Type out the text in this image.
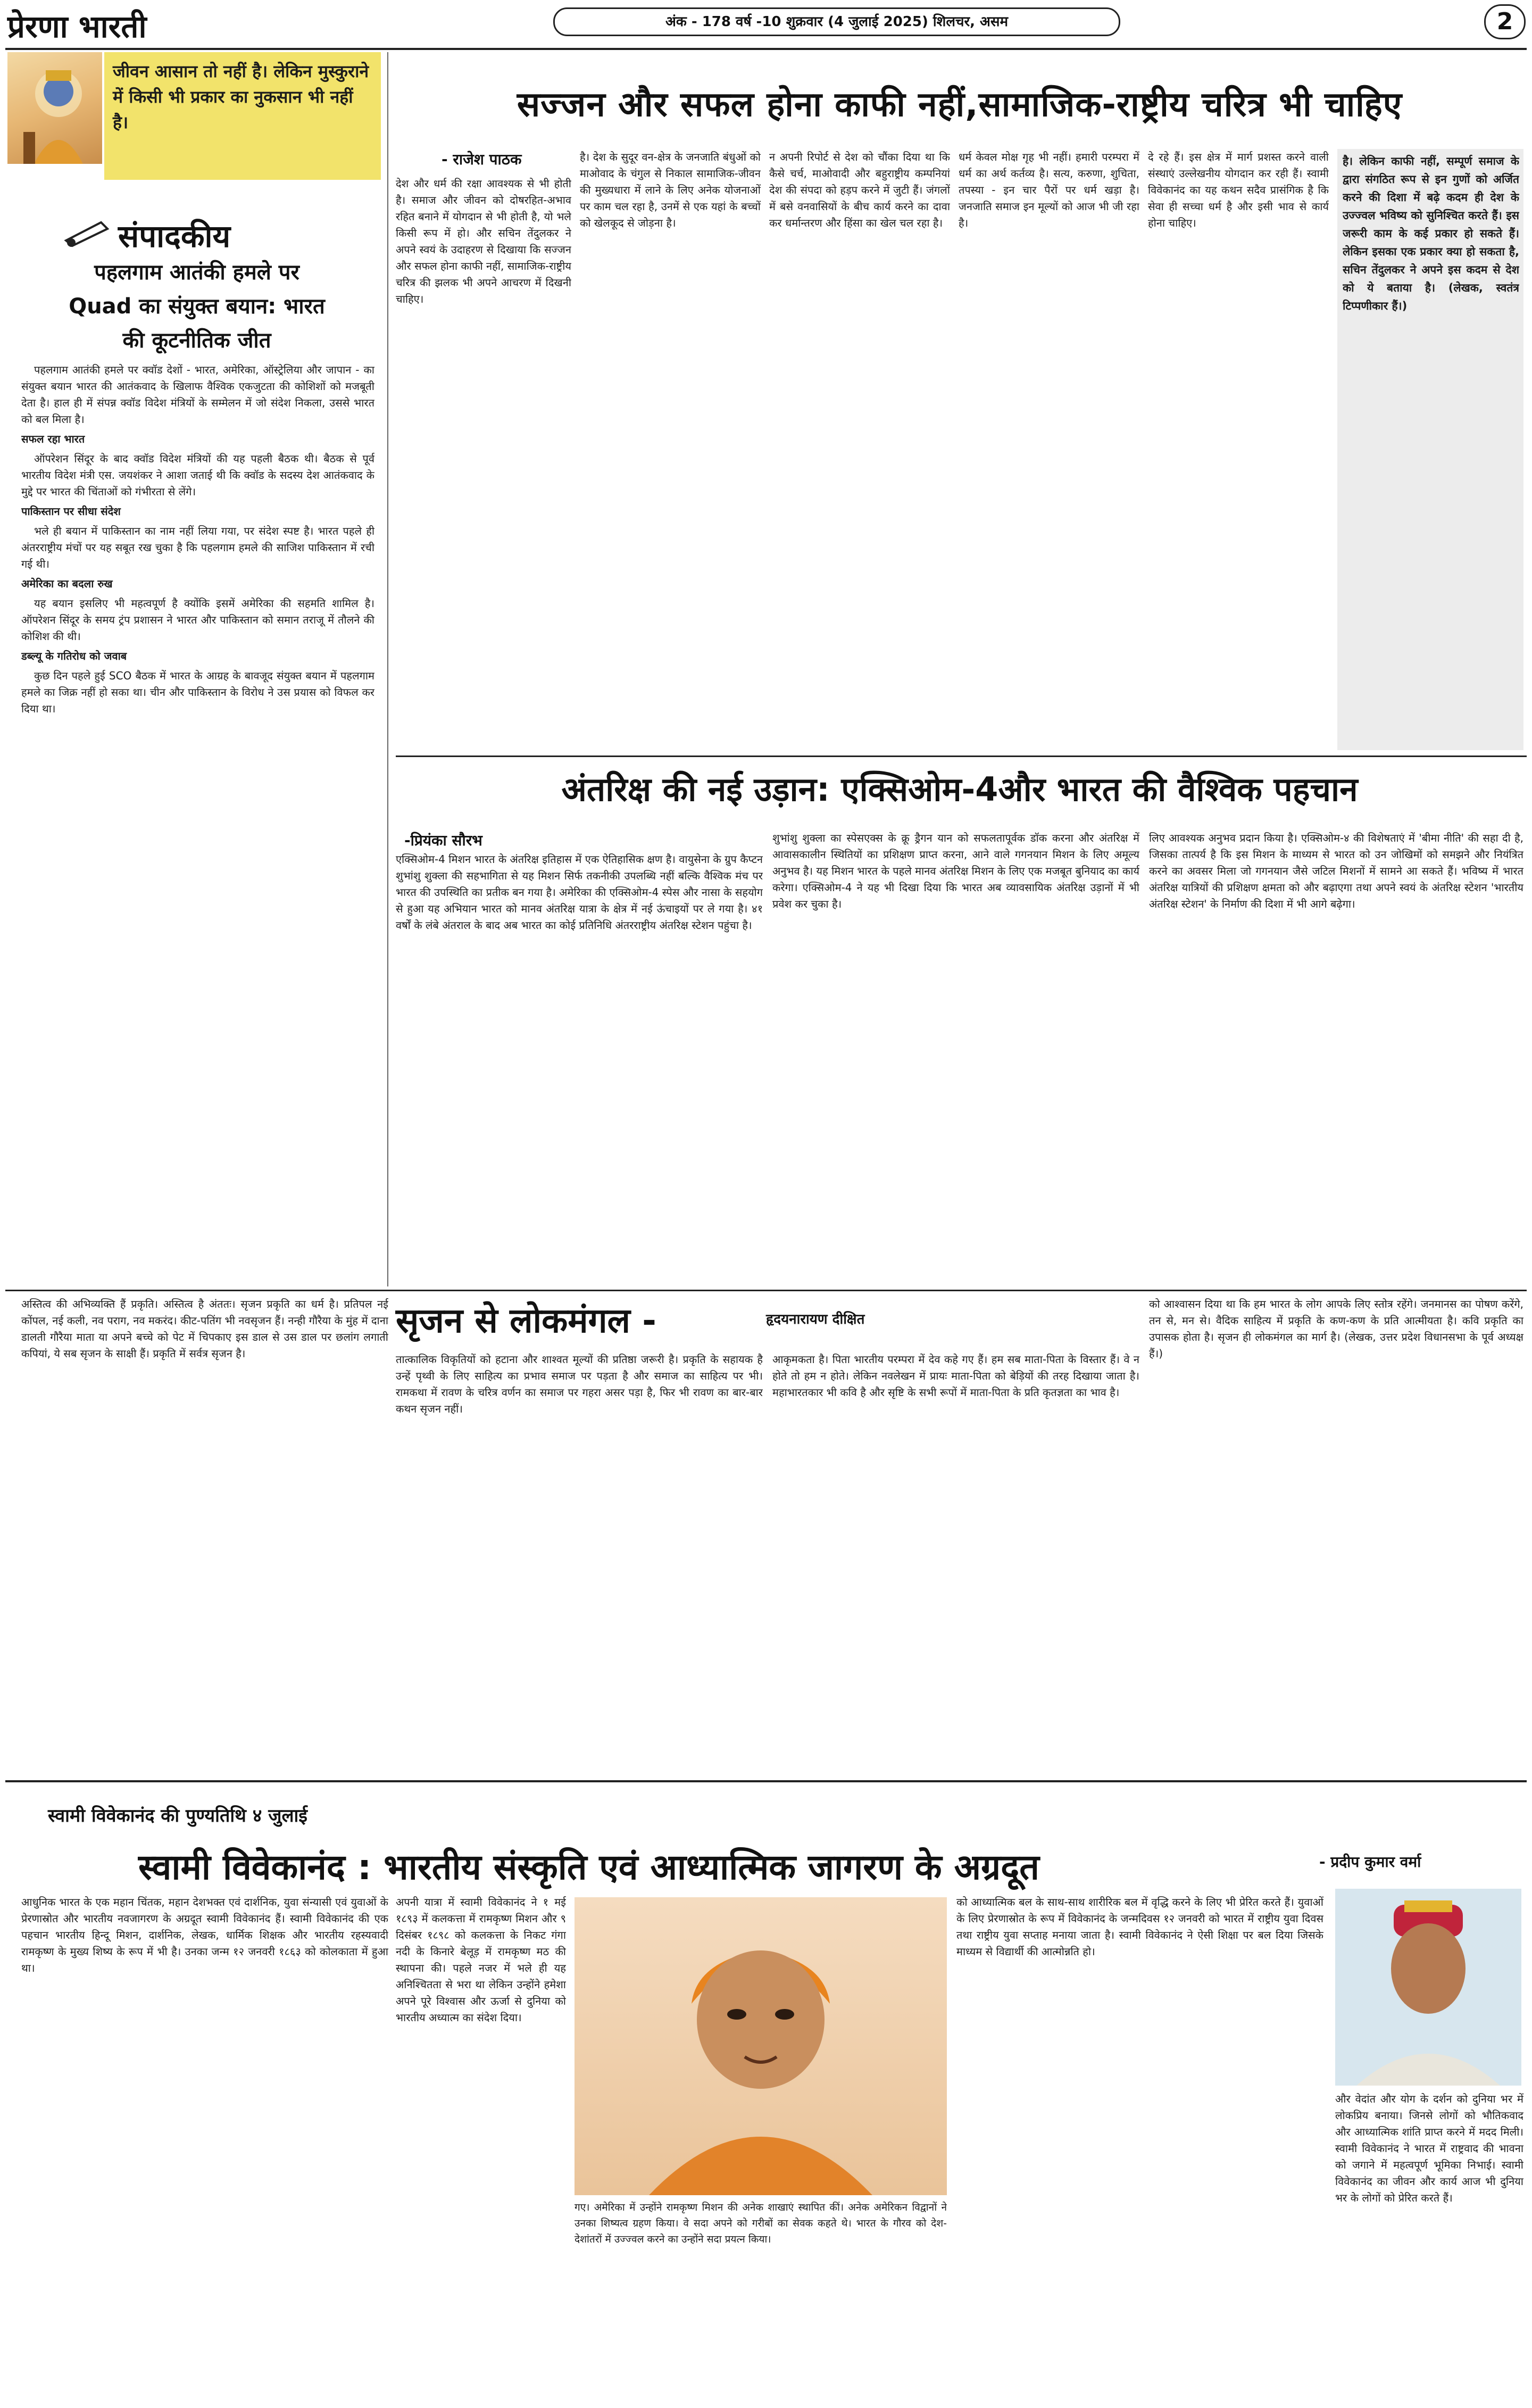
प्रेरणा भारती	अंक - 178 वर्ष -10 शुक्रवार (4 जुलाई 2025) शिलचर, असम	2
जीवन आसान तो नहीं है। लेकिन मुस्कुराने में किसी भी प्रकार का नुकसान भी नहीं है।
संपादकीय
पहलगाम आतंकी हमले पर
Quad का संयुक्त बयान: भारत
की कूटनीतिक जीत

पहलगाम आतंकी हमले पर क्वॉड देशों - भारत, अमेरिका, ऑस्ट्रेलिया और जापान - का संयुक्त बयान भारत की आतंकवाद के खिलाफ वैश्विक एकजुटता की कोशिशों को मजबूती देता है। हाल ही में संपन्न क्वॉड विदेश मंत्रियों के सम्मेलन में जो संदेश निकला, उससे भारत को बल मिला है।

सफल रहा भारत

ऑपरेशन सिंदूर के बाद क्वॉड विदेश मंत्रियों की यह पहली बैठक थी। बैठक से पूर्व भारतीय विदेश मंत्री एस. जयशंकर ने आशा जताई थी कि क्वॉड के सदस्य देश आतंकवाद के मुद्दे पर भारत की चिंताओं को गंभीरता से लेंगे।

पाकिस्तान पर सीधा संदेश

भले ही बयान में पाकिस्तान का नाम नहीं लिया गया, पर संदेश स्पष्ट है। भारत पहले ही अंतरराष्ट्रीय मंचों पर यह सबूत रख चुका है कि पहलगाम हमले की साजिश पाकिस्तान में रची गई थी।

अमेरिका का बदला रुख

यह बयान इसलिए भी महत्वपूर्ण है क्योंकि इसमें अमेरिका की सहमति शामिल है। ऑपरेशन सिंदूर के समय ट्रंप प्रशासन ने भारत और पाकिस्तान को समान तराजू में तौलने की कोशिश की थी।

डब्ल्यू के गतिरोध को जवाब

कुछ दिन पहले हुई SCO बैठक में भारत के आग्रह के बावजूद संयुक्त बयान में पहलगाम हमले का जिक्र नहीं हो सका था। चीन और पाकिस्तान के विरोध ने उस प्रयास को विफल कर दिया था।

सज्जन और सफल होना काफी नहीं,सामाजिक-राष्ट्रीय चरित्र भी चाहिए
- राजेश पाठक
देश और धर्म की रक्षा आवश्यक से भी होती है। समाज और जीवन को दोषरहित-अभाव रहित बनाने में योगदान से भी होती है, यो भले किसी रूप में हो। और सचिन तेंदुलकर ने अपने स्वयं के उदाहरण से दिखाया कि सज्जन और सफल होना काफी नहीं, सामाजिक-राष्ट्रीय चरित्र की झलक भी अपने आचरण में दिखनी चाहिए।
है। देश के सुदूर वन-क्षेत्र के जनजाति बंधुओं को माओवाद के चंगुल से निकाल सामाजिक-जीवन की मुख्यधारा में लाने के लिए अनेक योजनाओं पर काम चल रहा है, उनमें से एक यहां के बच्चों को खेलकूद से जोड़ना है।
न अपनी रिपोर्ट से देश को चौंका दिया था कि कैसे चर्च, माओवादी और बहुराष्ट्रीय कम्पनियां देश की संपदा को हड़प करने में जुटी हैं। जंगलों में बसे वनवासियों के बीच कार्य करने का दावा कर धर्मान्तरण और हिंसा का खेल चल रहा है।
धर्म केवल मोक्ष गृह भी नहीं। हमारी परम्परा में धर्म का अर्थ कर्तव्य है। सत्य, करुणा, शुचिता, तपस्या - इन चार पैरों पर धर्म खड़ा है। जनजाति समाज इन मूल्यों को आज भी जी रहा है।
दे रहे हैं। इस क्षेत्र में मार्ग प्रशस्त करने वाली संस्थाएं उल्लेखनीय योगदान कर रही हैं। स्वामी विवेकानंद का यह कथन सदैव प्रासंगिक है कि सेवा ही सच्चा धर्म है और इसी भाव से कार्य होना चाहिए।
है। लेकिन काफी नहीं, सम्पूर्ण समाज के द्वारा संगठित रूप से इन गुणों को अर्जित करने की दिशा में बढ़े कदम ही देश के उज्ज्वल भविष्य को सुनिश्चित करते हैं। इस जरूरी काम के कई प्रकार हो सकते हैं। लेकिन इसका एक प्रकार क्या हो सकता है, सचिन तेंदुलकर ने अपने इस कदम से देश को ये बताया है। (लेखक, स्वतंत्र टिप्पणीकार हैं।)
अंतरिक्ष की नई उड़ान: एक्सिओम-4और भारत की वैश्विक पहचान
-प्रियंका सौरभ
एक्सिओम-4 मिशन भारत के अंतरिक्ष इतिहास में एक ऐतिहासिक क्षण है। वायुसेना के ग्रुप कैप्टन शुभांशु शुक्ला की सहभागिता से यह मिशन सिर्फ तकनीकी उपलब्धि नहीं बल्कि वैश्विक मंच पर भारत की उपस्थिति का प्रतीक बन गया है। अमेरिका की एक्सिओम-4 स्पेस और नासा के सहयोग से हुआ यह अभियान भारत को मानव अंतरिक्ष यात्रा के क्षेत्र में नई ऊंचाइयों पर ले गया है। ४१ वर्षों के लंबे अंतराल के बाद अब भारत का कोई प्रतिनिधि अंतरराष्ट्रीय अंतरिक्ष स्टेशन पहुंचा है।
शुभांशु शुक्ला का स्पेसएक्स के क्रू ड्रैगन यान को सफलतापूर्वक डॉक करना और अंतरिक्ष में आवासकालीन स्थितियों का प्रशिक्षण प्राप्त करना, आने वाले गगनयान मिशन के लिए अमूल्य अनुभव है। यह मिशन भारत के पहले मानव अंतरिक्ष मिशन के लिए एक मजबूत बुनियाद का कार्य करेगा। एक्सिओम-4 ने यह भी दिखा दिया कि भारत अब व्यावसायिक अंतरिक्ष उड़ानों में भी प्रवेश कर चुका है।
लिए आवश्यक अनुभव प्रदान किया है। एक्सिओम-४ की विशेषताएं में 'बीमा नीति' की सहा दी है, जिसका तात्पर्य है कि इस मिशन के माध्यम से भारत को उन जोखिमों को समझने और नियंत्रित करने का अवसर मिला जो गगनयान जैसे जटिल मिशनों में सामने आ सकते हैं। भविष्य में भारत अंतरिक्ष यात्रियों की प्रशिक्षण क्षमता को और बढ़ाएगा तथा अपने स्वयं के अंतरिक्ष स्टेशन 'भारतीय अंतरिक्ष स्टेशन' के निर्माण की दिशा में भी आगे बढ़ेगा।
सृजन से लोकमंगल -	हृदयनारायण दीक्षित
अस्तित्व की अभिव्यक्ति हैं प्रकृति। अस्तित्व है अंततः। सृजन प्रकृति का धर्म है। प्रतिपल नई कोंपल, नई कली, नव पराग, नव मकरंद। कीट-पतिंग भी नवसृजन हैं। नन्ही गौरैया के मुंह में दाना डालती गौरैया माता या अपने बच्चे को पेट में चिपकाए इस डाल से उस डाल पर छलांग लगाती कपियां, ये सब सृजन के साक्षी हैं। प्रकृति में सर्वत्र सृजन है।	तात्कालिक विकृतियों को हटाना और शाश्वत मूल्यों की प्रतिष्ठा जरूरी है। प्रकृति के सहायक है उन्हें पृथ्वी के लिए साहित्य का प्रभाव समाज पर पड़ता है और समाज का साहित्य पर भी। रामकथा में रावण के चरित्र वर्णन का समाज पर गहरा असर पड़ा है, फिर भी रावण का बार-बार कथन सृजन नहीं।
आकृमकता है। पिता भारतीय परम्परा में देव कहे गए हैं। हम सब माता-पिता के विस्तार हैं। वे न होते तो हम न होते। लेकिन नवलेखन में प्रायः माता-पिता को बेड़ियों की तरह दिखाया जाता है। महाभारतकार भी कवि है और सृष्टि के सभी रूपों में माता-पिता के प्रति कृतज्ञता का भाव है।
को आश्वासन दिया था कि हम भारत के लोग आपके लिए स्तोत्र रहेंगे। जनमानस का पोषण करेंगे, तन से, मन से। वैदिक साहित्य में प्रकृति के कण-कण के प्रति आत्मीयता है। कवि प्रकृति का उपासक होता है। सृजन ही लोकमंगल का मार्ग है। (लेखक, उत्तर प्रदेश विधानसभा के पूर्व अध्यक्ष हैं।)
स्वामी विवेकानंद की पुण्यतिथि ४ जुलाई
स्वामी विवेकानंद : भारतीय संस्कृति एवं आध्यात्मिक जागरण के अग्रदूत	- प्रदीप कुमार वर्मा
आधुनिक भारत के एक महान चिंतक, महान देशभक्त एवं दार्शनिक, युवा संन्यासी एवं युवाओं के प्रेरणास्रोत और भारतीय नवजागरण के अग्रदूत स्वामी विवेकानंद हैं। स्वामी विवेकानंद की एक पहचान भारतीय हिन्दू मिशन, दार्शनिक, लेखक, धार्मिक शिक्षक और भारतीय रहस्यवादी रामकृष्ण के मुख्य शिष्य के रूप में भी है। उनका जन्म १२ जनवरी १८६३ को कोलकाता में हुआ था।
अपनी यात्रा में स्वामी विवेकानंद ने १ मई १८९३ में कलकत्ता में रामकृष्ण मिशन और ९ दिसंबर १८९८ को कलकत्ता के निकट गंगा नदी के किनारे बेलूड़ में रामकृष्ण मठ की स्थापना की। पहले नजर में भले ही यह अनिश्चितता से भरा था लेकिन उन्होंने हमेशा अपने पूरे विश्वास और ऊर्जा से दुनिया को भारतीय अध्यात्म का संदेश दिया।
गए। अमेरिका में उन्होंने रामकृष्ण मिशन की अनेक शाखाएं स्थापित कीं। अनेक अमेरिकन विद्वानों ने उनका शिष्यत्व ग्रहण किया। वे सदा अपने को गरीबों का सेवक कहते थे। भारत के गौरव को देश-देशांतरों में उज्ज्वल करने का उन्होंने सदा प्रयत्न किया।
को आध्यात्मिक बल के साथ-साथ शारीरिक बल में वृद्धि करने के लिए भी प्रेरित करते हैं। युवाओं के लिए प्रेरणास्रोत के रूप में विवेकानंद के जन्मदिवस १२ जनवरी को भारत में राष्ट्रीय युवा दिवस तथा राष्ट्रीय युवा सप्ताह मनाया जाता है। स्वामी विवेकानंद ने ऐसी शिक्षा पर बल दिया जिसके माध्यम से विद्यार्थी की आत्मोन्नति हो।
और वेदांत और योग के दर्शन को दुनिया भर में लोकप्रिय बनाया। जिनसे लोगों को भौतिकवाद और आध्यात्मिक शांति प्राप्त करने में मदद मिली। स्वामी विवेकानंद ने भारत में राष्ट्रवाद की भावना को जगाने में महत्वपूर्ण भूमिका निभाई। स्वामी विवेकानंद का जीवन और कार्य आज भी दुनिया भर के लोगों को प्रेरित करते हैं।
